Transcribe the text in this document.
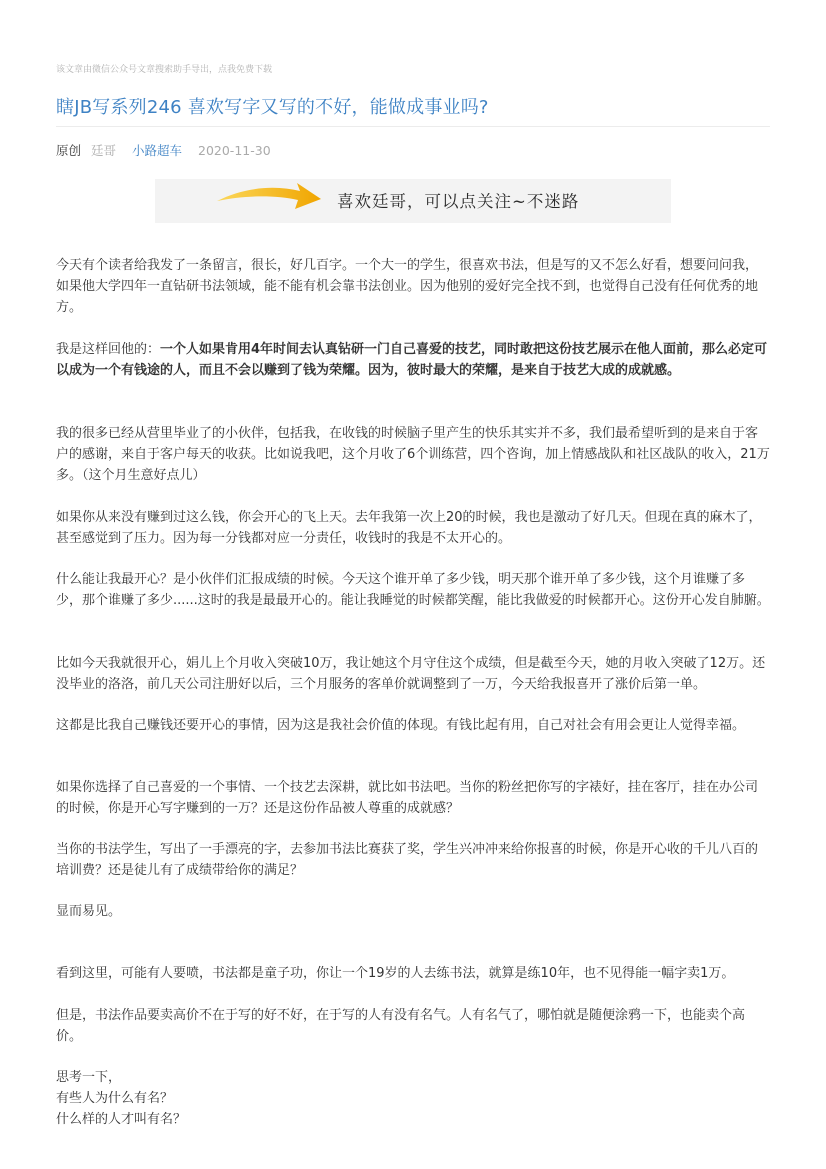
该文章由微信公众号文章搜索助手导出，点我免费下载
瞎JB写系列246 喜欢写字又写的不好，能做成事业吗?
原创 廷哥 小路超车 2020-11-30
喜欢廷哥，可以点关注~不迷路

今天有个读者给我发了一条留言，很长，好几百字。一个大一的学生，很喜欢书法，但是写的又不怎么好看，想要问问我，如果他大学四年一直钻研书法领域，能不能有机会靠书法创业。因为他别的爱好完全找不到，也觉得自己没有任何优秀的地方。

我是这样回他的：一个人如果肯用4年时间去认真钻研一门自己喜爱的技艺，同时敢把这份技艺展示在他人面前，那么必定可以成为一个有钱途的人，而且不会以赚到了钱为荣耀。因为，彼时最大的荣耀，是来自于技艺大成的成就感。

我的很多已经从营里毕业了的小伙伴，包括我，在收钱的时候脑子里产生的快乐其实并不多，我们最希望听到的是来自于客户的感谢，来自于客户每天的收获。比如说我吧，这个月收了6个训练营，四个咨询，加上情感战队和社区战队的收入，21万多。（这个月生意好点儿）

如果你从来没有赚到过这么钱，你会开心的飞上天。去年我第一次上20的时候，我也是激动了好几天。但现在真的麻木了，甚至感觉到了压力。因为每一分钱都对应一分责任，收钱时的我是不太开心的。

什么能让我最开心？是小伙伴们汇报成绩的时候。今天这个谁开单了多少钱，明天那个谁开单了多少钱，这个月谁赚了多少，那个谁赚了多少......这时的我是最最开心的。能让我睡觉的时候都笑醒，能比我做爱的时候都开心。这份开心发自肺腑。

比如今天我就很开心，娟儿上个月收入突破10万，我让她这个月守住这个成绩，但是截至今天，她的月收入突破了12万。还没毕业的洛洛，前几天公司注册好以后，三个月服务的客单价就调整到了一万，今天给我报喜开了涨价后第一单。

这都是比我自己赚钱还要开心的事情，因为这是我社会价值的体现。有钱比起有用，自己对社会有用会更让人觉得幸福。

如果你选择了自己喜爱的一个事情、一个技艺去深耕，就比如书法吧。当你的粉丝把你写的字裱好，挂在客厅，挂在办公司的时候，你是开心写字赚到的一万？还是这份作品被人尊重的成就感？

当你的书法学生，写出了一手漂亮的字，去参加书法比赛获了奖，学生兴冲冲来给你报喜的时候，你是开心收的千儿八百的培训费？还是徒儿有了成绩带给你的满足？

显而易见。

看到这里，可能有人要喷，书法都是童子功，你让一个19岁的人去练书法，就算是练10年，也不见得能一幅字卖1万。

但是，书法作品要卖高价不在于写的好不好，在于写的人有没有名气。人有名气了，哪怕就是随便涂鸦一下，也能卖个高价。

思考一下，

有些人为什么有名？

什么样的人才叫有名？
